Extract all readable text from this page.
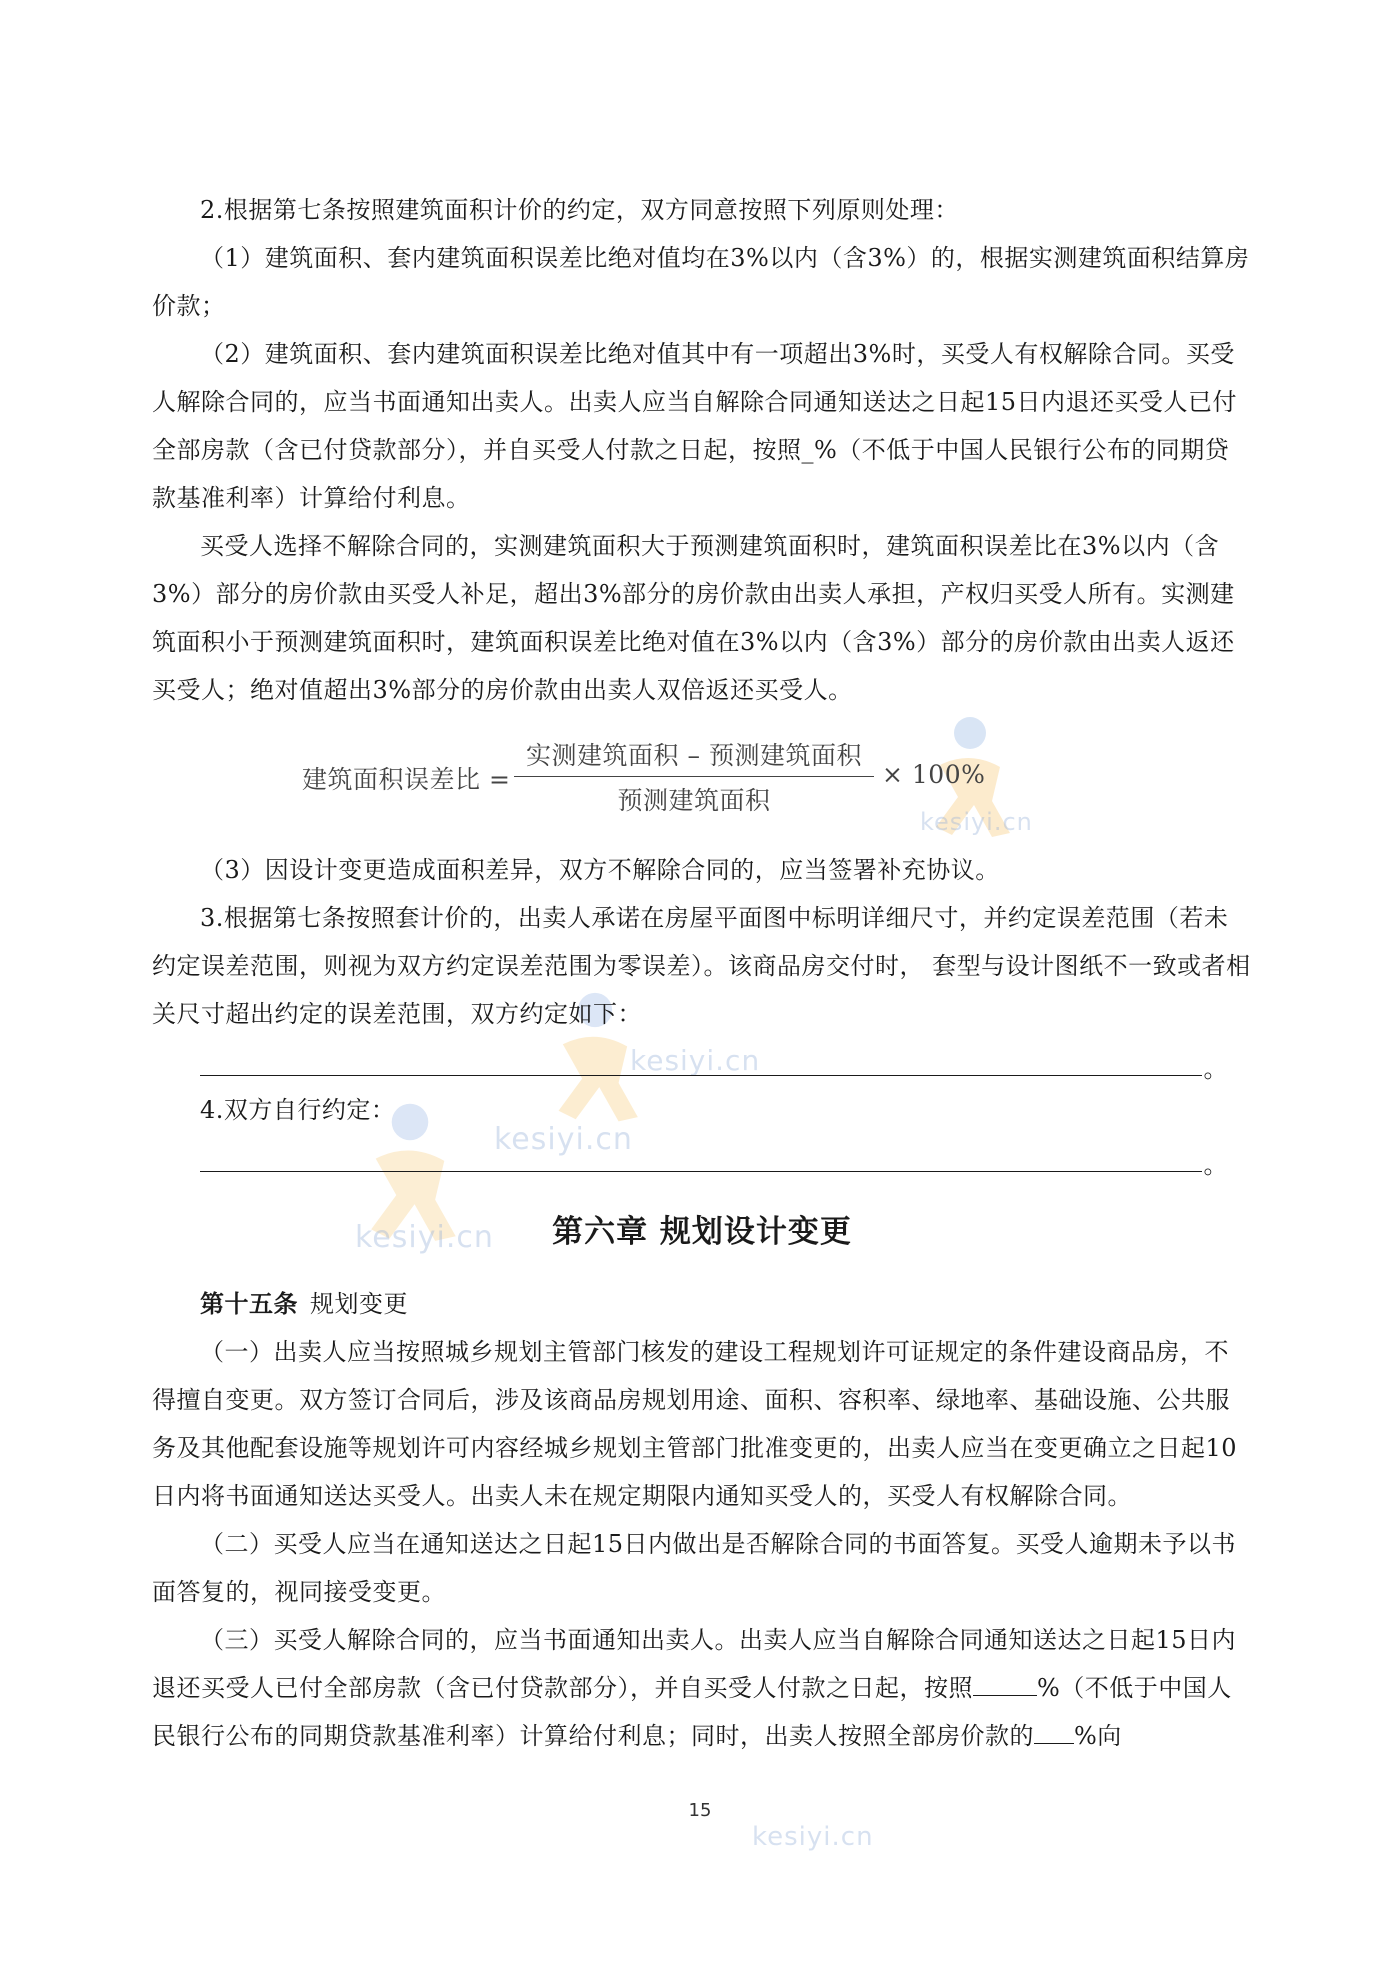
kesiyi.cn
kesiyi.cn
kesiyi.cn
kesiyi.cn
kesiyi.cn

2.根据第七条按照建筑面积计价的约定，双方同意按照下列原则处理：

（1）建筑面积、套内建筑面积误差比绝对值均在3%以内（含3%）的，根据实测建筑面积结算房价款；

（2）建筑面积、套内建筑面积误差比绝对值其中有一项超出3%时，买受人有权解除合同。买受人解除合同的，应当书面通知出卖人。出卖人应当自解除合同通知送达之日起15日内退还买受人已付全部房款（含已付贷款部分），并自买受人付款之日起，按照_%（不低于中国人民银行公布的同期贷款基准利率）计算给付利息。

买受人选择不解除合同的，实测建筑面积大于预测建筑面积时，建筑面积误差比在3%以内（含3%）部分的房价款由买受人补足，超出3%部分的房价款由出卖人承担，产权归买受人所有。实测建筑面积小于预测建筑面积时，建筑面积误差比绝对值在3%以内（含3%）部分的房价款由出卖人返还买受人；绝对值超出3%部分的房价款由出卖人双倍返还买受人。

建筑面积误差比 =
实测建筑面积 – 预测建筑面积
预测建筑面积
× 100%

（3）因设计变更造成面积差异，双方不解除合同的，应当签署补充协议。

3.根据第七条按照套计价的，出卖人承诺在房屋平面图中标明详细尺寸，并约定误差范围（若未约定误差范围，则视为双方约定误差范围为零误差）。该商品房交付时， 套型与设计图纸不一致或者相关尺寸超出约定的误差范围，双方约定如下：

。

4.双方自行约定：

。
第六章 规划设计变更

第十五条 规划变更

（一）出卖人应当按照城乡规划主管部门核发的建设工程规划许可证规定的条件建设商品房，不得擅自变更。双方签订合同后，涉及该商品房规划用途、面积、容积率、绿地率、基础设施、公共服务及其他配套设施等规划许可内容经城乡规划主管部门批准变更的，出卖人应当在变更确立之日起10日内将书面通知送达买受人。出卖人未在规定期限内通知买受人的，买受人有权解除合同。

（二）买受人应当在通知送达之日起15日内做出是否解除合同的书面答复。买受人逾期未予以书面答复的，视同接受变更。

（三）买受人解除合同的，应当书面通知出卖人。出卖人应当自解除合同通知送达之日起15日内退还买受人已付全部房款（含已付贷款部分），并自买受人付款之日起，按照	%（不低于中国人民银行公布的同期贷款基准利率）计算给付利息；同时，出卖人按照全部房价款的 %向

15
